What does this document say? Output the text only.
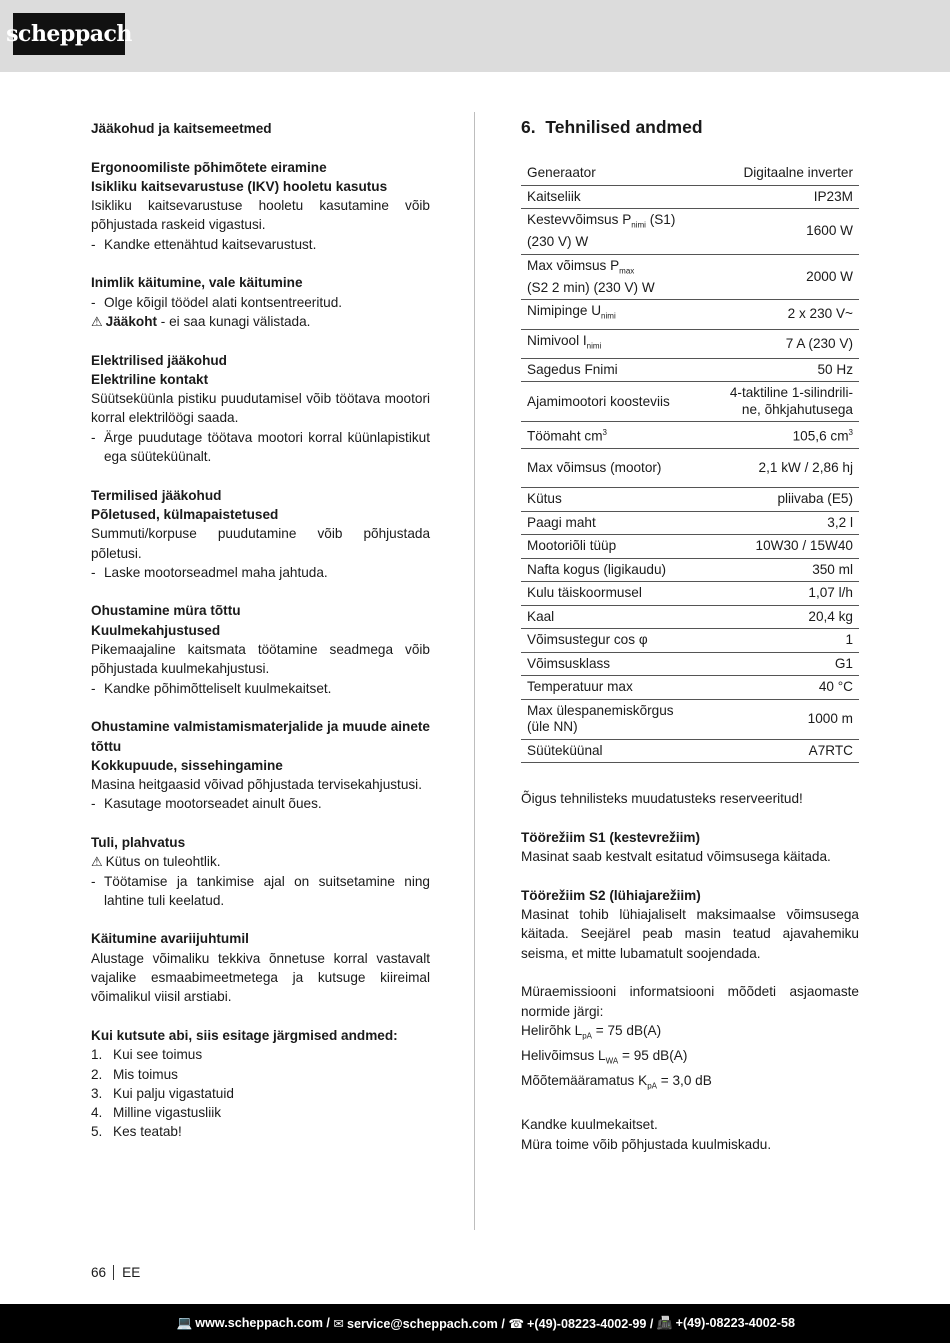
scheppach
Jääkohud ja kaitsemeetmed
Ergonoomiliste põhimõtete eiramine
Isikliku kaitsevarustuse (IKV) hooletu kasutus
Isikliku kaitsevarustuse hooletu kasutamine võib põhjustada raskeid vigastusi.
- Kandke ettenähtud kaitsevarustust.
Inimlik käitumine, vale käitumine
- Olge kõigil töödel alati kontsentreeritud.
⚠ Jääkoht - ei saa kunagi välistada.
Elektrilised jääkohud
Elektriline kontakt
Süütseküünla pistiku puudutamisel võib töötava mootori korral elektrilöögi saada.
- Ärge puudutage töötava mootori korral küünlapistikut ega süüteküünalt.
Termilised jääkohud
Põletused, külmapaistetused
Summuti/korpuse puudutamine võib põhjustada põletusi.
- Laske mootorseadmel maha jahtuda.
Ohustamine müra tõttu
Kuulmekahjustused
Pikemaajaline kaitsmata töötamine seadmega võib põhjustada kuulmekahjustusi.
- Kandke põhimõtteliselt kuulmekaitset.
Ohustamine valmistamismaterjalide ja muude ainete tõttu
Kokkupuude, sissehingamine
Masina heitgaasid võivad põhjustada tervisekahjustusi.
- Kasutage mootorseadet ainult õues.
Tuli, plahvatus
⚠ Kütus on tuleohtlik.
- Töötamise ja tankimise ajal on suitsetamine ning lahtine tuli keelatud.
Käitumine avariijuhtumil
Alustage võimaliku tekkiva õnnetuse korral vastavalt vajalike esmaabimeetmetega ja kutsuge kiireimal võimalikul viisil arstiabi.
Kui kutsute abi, siis esitage järgmised andmed:
1. Kui see toimus
2. Mis toimus
3. Kui palju vigastatuid
4. Milline vigastusliik
5. Kes teatab!
6. Tehnilised andmed
Generaator	Digitaalne inverter
Kaitseliik	IP23M
Kestevvõimsus $P_{nimi}$ (S1)
(230 V) W	1600 W
Max võimsus $P_{max}$
(S2 2 min) (230 V) W	2000 W
Nimipinge $U_{nimi}$	2 x 230 V~
Nimivool $I_{nimi}$	7 A (230 V)
Sagedus Fnimi	50 Hz
Ajamimootori koosteviis	4-taktiline 1-silindrili-
ne, õhkjahutusega
Töömaht $cm^3$	105,6 $cm^3$
Max võimsus (mootor)	2,1 kW / 2,86 hj
Kütus	pliivaba (E5)
Paagi maht	3,2 l
Mootoriõli tüüp	10W30 / 15W40
Nafta kogus (ligikaudu)	350 ml
Kulu täiskoormusel	1,07 l/h
Kaal	20,4 kg
Võimsustegur cos φ	1
Võimsusklass	G1
Temperatuur max	40 °C
Max ülespanemiskõrgus
(üle NN)	1000 m
Süüteküünal	A7RTC
Õigus tehnilisteks muudatusteks reserveeritud!
Töörežiim S1 (kestevrežiim)
Masinat saab kestvalt esitatud võimsusega käitada.
Töörežiim S2 (lühiajarežiim)
Masinat tohib lühiajaliselt maksimaalse võimsusega käitada. Seejärel peab masin teatud ajavahemiku seisma, et mitte lubamatult soojendada.
Müraemissiooni informatsiooni mõõdeti asjaomaste normide järgi:
Helirõhk $L_{pA} = 75$ dB(A)
Helivõimsus $L_{WA} = 95$ dB(A)
Mõõtemääramatus $K_{pA} = 3,0$ dB
Kandke kuulmekaitset.
Müra toime võib põhjustada kuulmiskadu.
66 EE
💻 www.scheppach.com /
✉ service@scheppach.com /
☎ +(49)-08223-4002-99 /
📠 +(49)-08223-4002-58
